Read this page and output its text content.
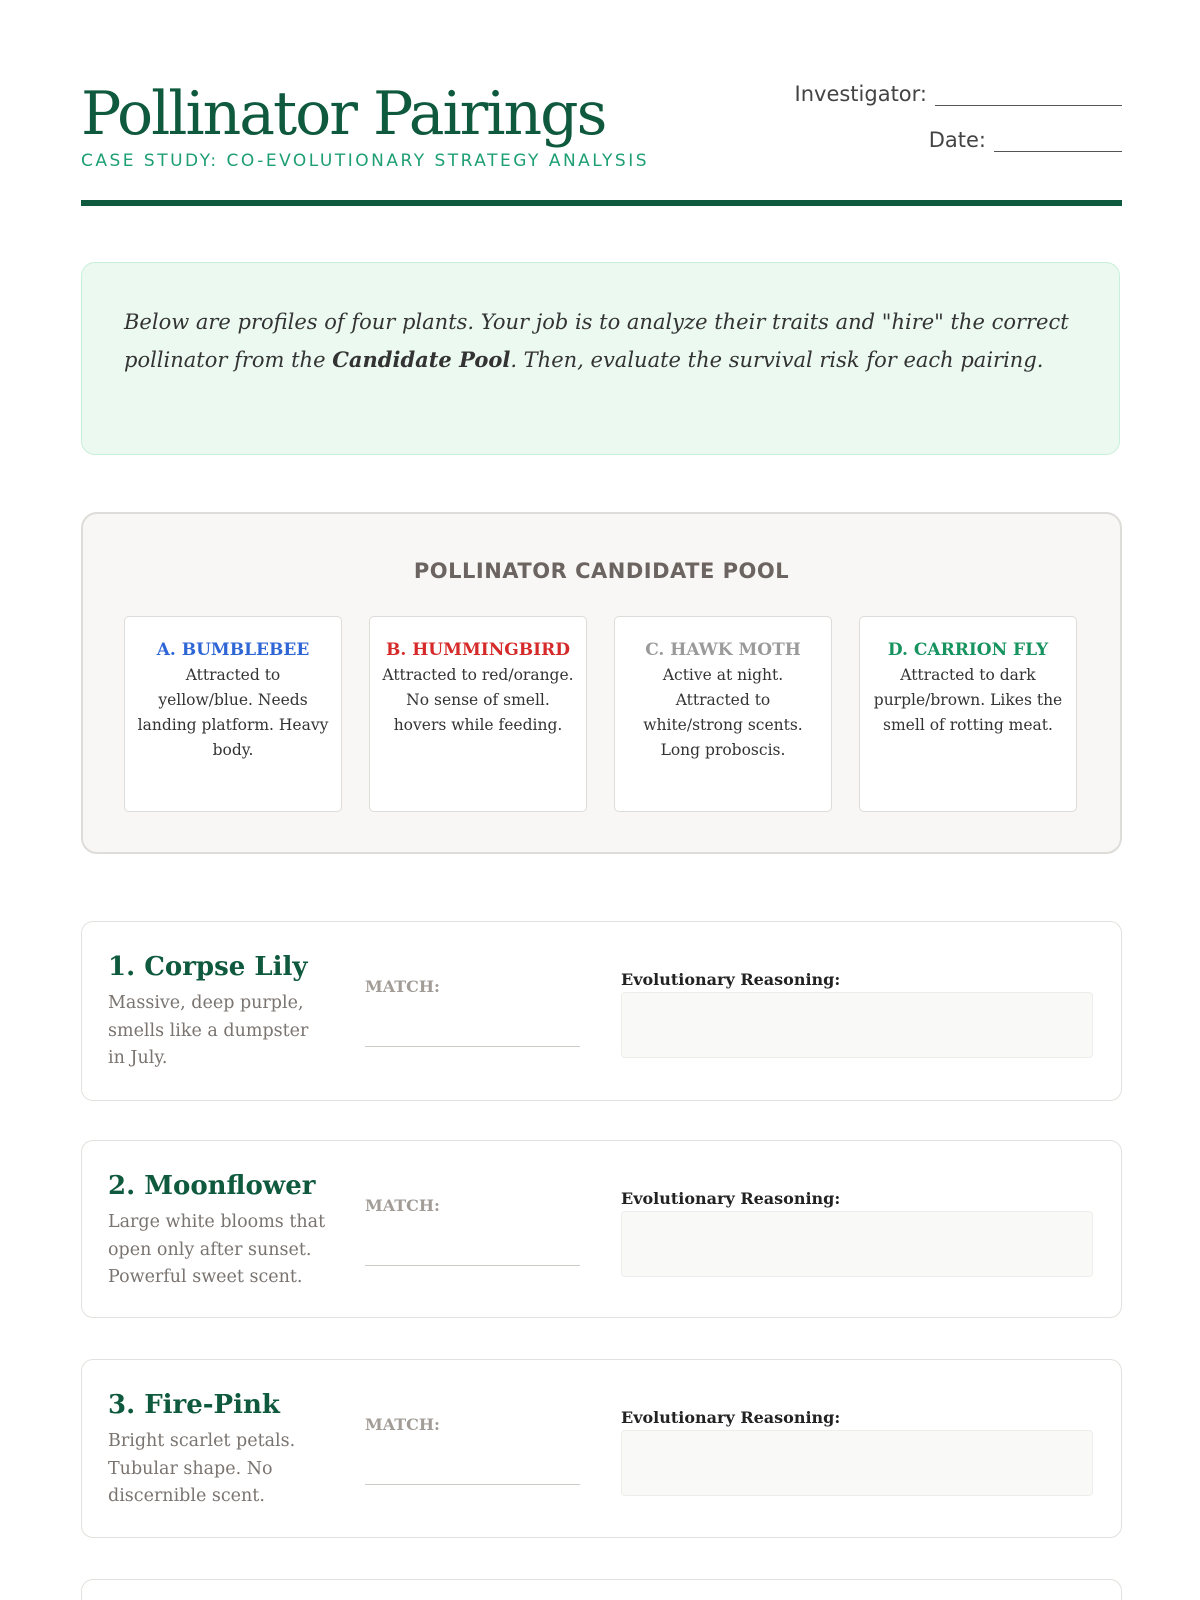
Pollinator Pairings
CASE STUDY: CO-EVOLUTIONARY STRATEGY ANALYSIS
Investigator:
Date:
Below are profiles of four plants. Your job is to analyze their traits and "hire" the correct pollinator from the Candidate Pool. Then, evaluate the survival risk for each pairing.
POLLINATOR CANDIDATE POOL
A. BUMBLEBEE
Attracted to yellow/blue. Needs landing platform. Heavy body.
B. HUMMINGBIRD
Attracted to red/orange. No sense of smell. hovers while feeding.
C. HAWK MOTH
Active at night. Attracted to white/strong scents. Long proboscis.
D. CARRION FLY
Attracted to dark purple/brown. Likes the smell of rotting meat.
1. Corpse Lily
Massive, deep purple, smells like a dumpster in July.
MATCH:	Evolutionary Reasoning:
2. Moonflower
Large white blooms that open only after sunset. Powerful sweet scent.
MATCH:	Evolutionary Reasoning:
3. Fire-Pink
Bright scarlet petals. Tubular shape. No discernible scent.
MATCH:	Evolutionary Reasoning:
